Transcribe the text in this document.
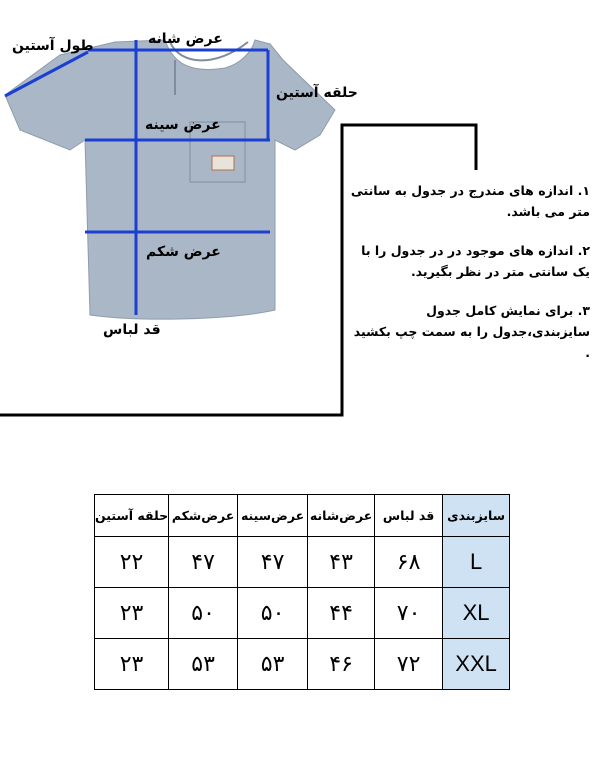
عرض شانه
طول آستین
حلقه آستین
عرض سینه
عرض شکم
قد لباس

۱. اندازه های مندرج در جدول به سانتی متر می باشد.

۲. اندازه های موجود در در جدول را با یک سانتی متر در نظر بگیرید.

۳. برای نمایش کامل جدول سایزبندی،جدول را به سمت چپ بکشید .

سایزبندی	قد لباس	عرض‌شانه	عرض‌سینه	عرض‌شکم	حلقه آستین
L	۶۸	۴۳	۴۷	۴۷	۲۲
XL	۷۰	۴۴	۵۰	۵۰	۲۳
XXL	۷۲	۴۶	۵۳	۵۳	۲۳
